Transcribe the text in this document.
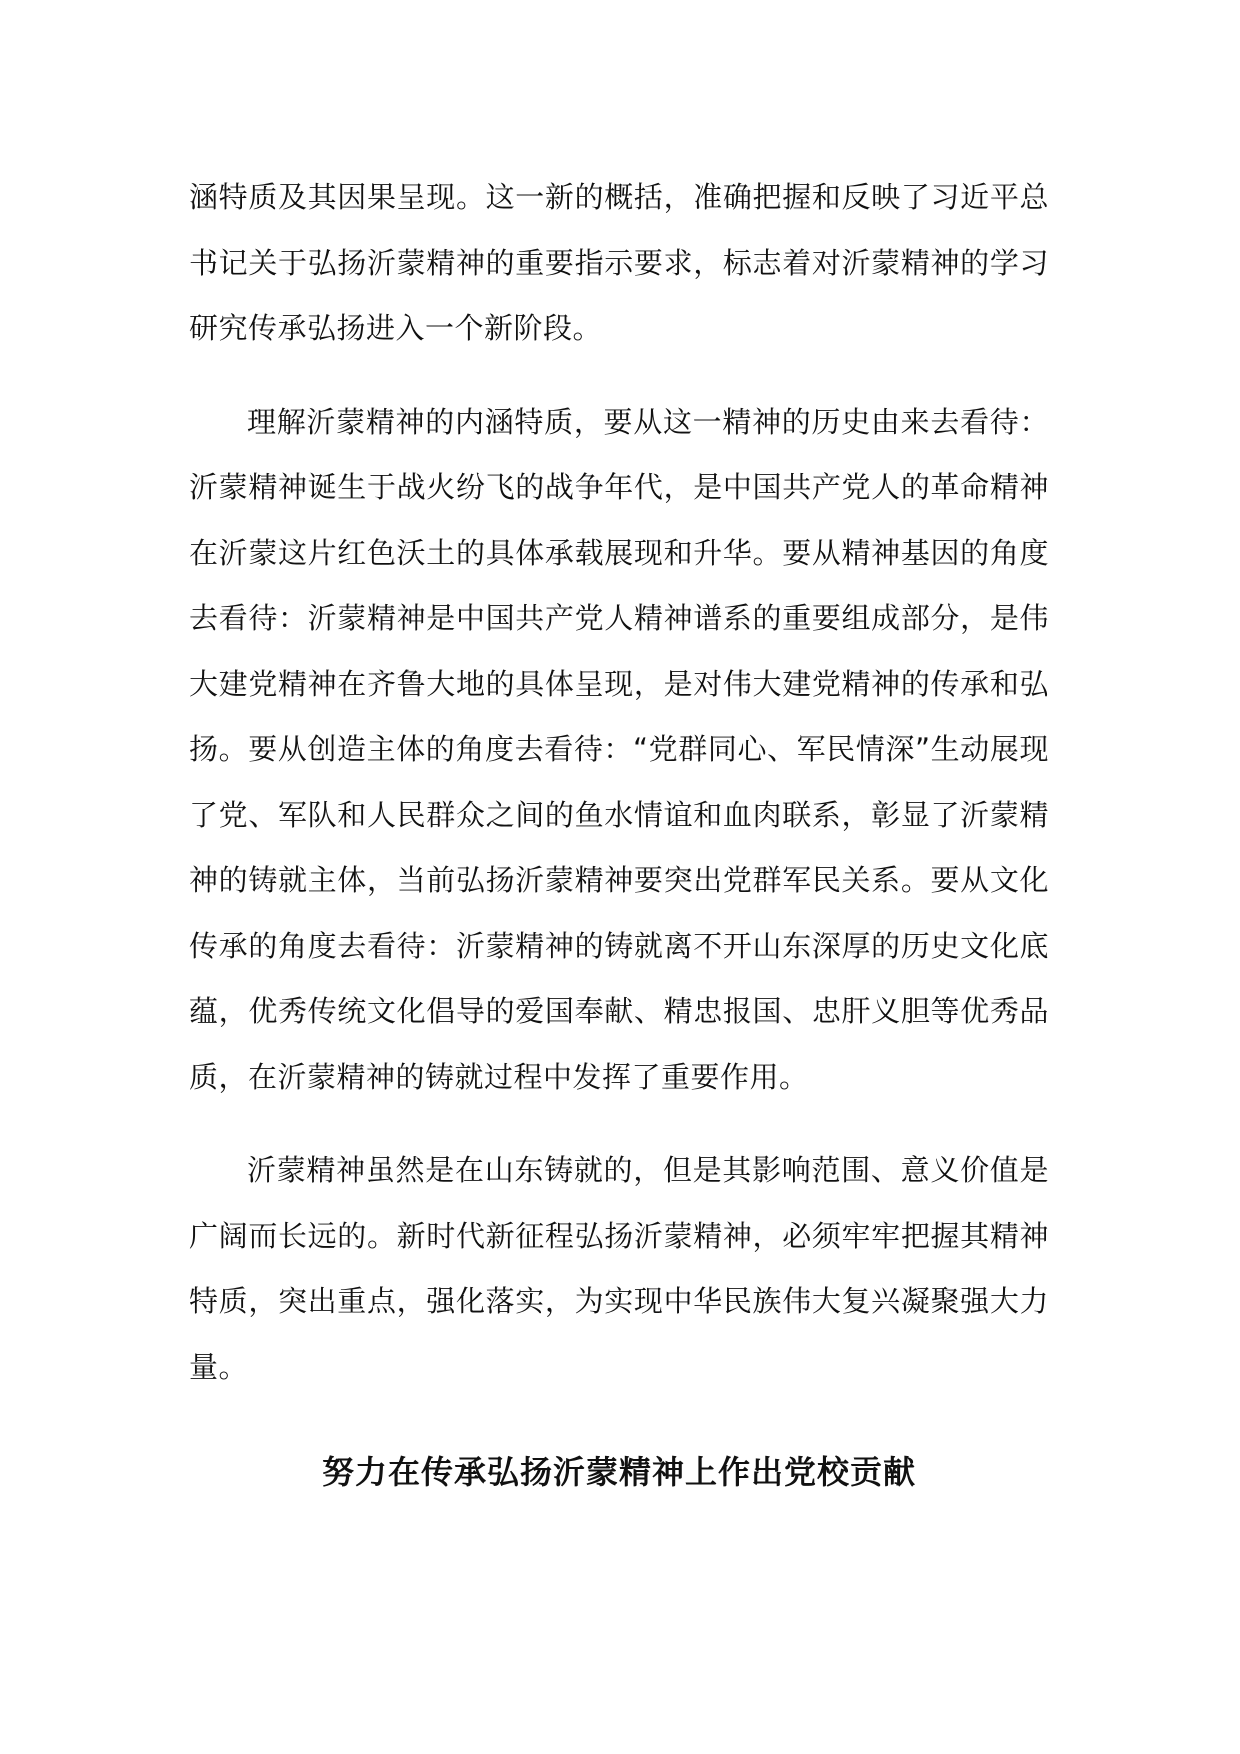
涵特质及其因果呈现。这一新的概括，准确把握和反映了习近平总书记关于弘扬沂蒙精神的重要指示要求，标志着对沂蒙精神的学习研究传承弘扬进入一个新阶段。

理解沂蒙精神的内涵特质，要从这一精神的历史由来去看待：沂蒙精神诞生于战火纷飞的战争年代，是中国共产党人的革命精神在沂蒙这片红色沃土的具体承载展现和升华。要从精神基因的角度去看待：沂蒙精神是中国共产党人精神谱系的重要组成部分，是伟大建党精神在齐鲁大地的具体呈现，是对伟大建党精神的传承和弘扬。要从创造主体的角度去看待：“党群同心、军民情深”生动展现了党、军队和人民群众之间的鱼水情谊和血肉联系，彰显了沂蒙精神的铸就主体，当前弘扬沂蒙精神要突出党群军民关系。要从文化传承的角度去看待：沂蒙精神的铸就离不开山东深厚的历史文化底蕴，优秀传统文化倡导的爱国奉献、精忠报国、忠肝义胆等优秀品质，在沂蒙精神的铸就过程中发挥了重要作用。

沂蒙精神虽然是在山东铸就的，但是其影响范围、意义价值是广阔而长远的。新时代新征程弘扬沂蒙精神，必须牢牢把握其精神特质，突出重点，强化落实，为实现中华民族伟大复兴凝聚强大力量。

努力在传承弘扬沂蒙精神上作出党校贡献
